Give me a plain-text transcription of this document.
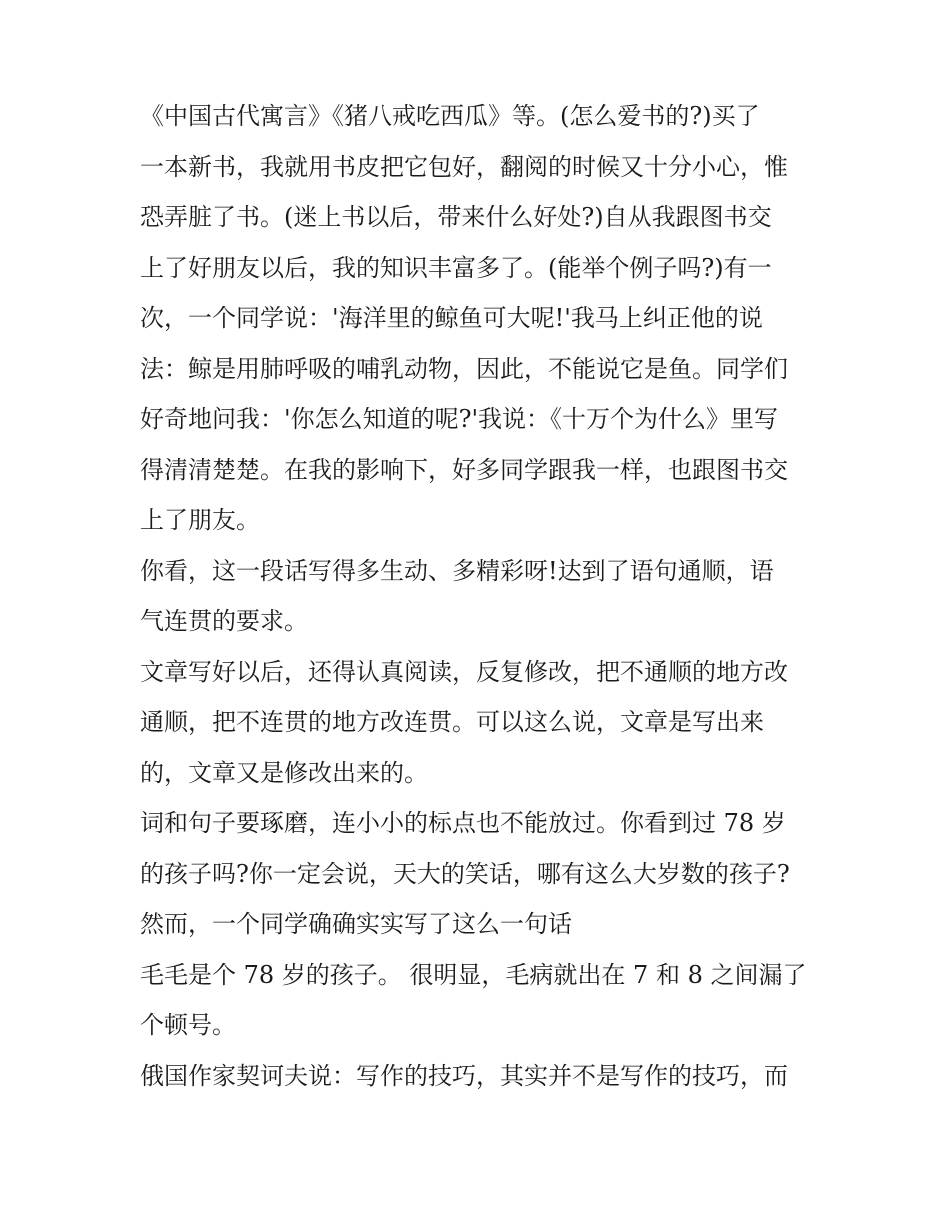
《中国古代寓言》《猪八戒吃西瓜》等。(怎么爱书的?)买了
一本新书，我就用书皮把它包好，翻阅的时候又十分小心，惟
恐弄脏了书。(迷上书以后，带来什么好处?)自从我跟图书交
上了好朋友以后，我的知识丰富多了。(能举个例子吗?)有一
次，一个同学说：'海洋里的鲸鱼可大呢!'我马上纠正他的说
法：鲸是用肺呼吸的哺乳动物，因此，不能说它是鱼。同学们
好奇地问我：'你怎么知道的呢?'我说：《十万个为什么》里写
得清清楚楚。在我的影响下，好多同学跟我一样，也跟图书交
上了朋友。
你看，这一段话写得多生动、多精彩呀!达到了语句通顺，语
气连贯的要求。
文章写好以后，还得认真阅读，反复修改，把不通顺的地方改
通顺，把不连贯的地方改连贯。可以这么说，文章是写出来
的，文章又是修改出来的。
词和句子要琢磨，连小小的标点也不能放过。你看到过 78 岁
的孩子吗?你一定会说，天大的笑话，哪有这么大岁数的孩子?
然而，一个同学确确实实写了这么一句话
毛毛是个 78 岁的孩子。 很明显，毛病就出在 7 和 8 之间漏了
个顿号。
俄国作家契诃夫说：写作的技巧，其实并不是写作的技巧，而
